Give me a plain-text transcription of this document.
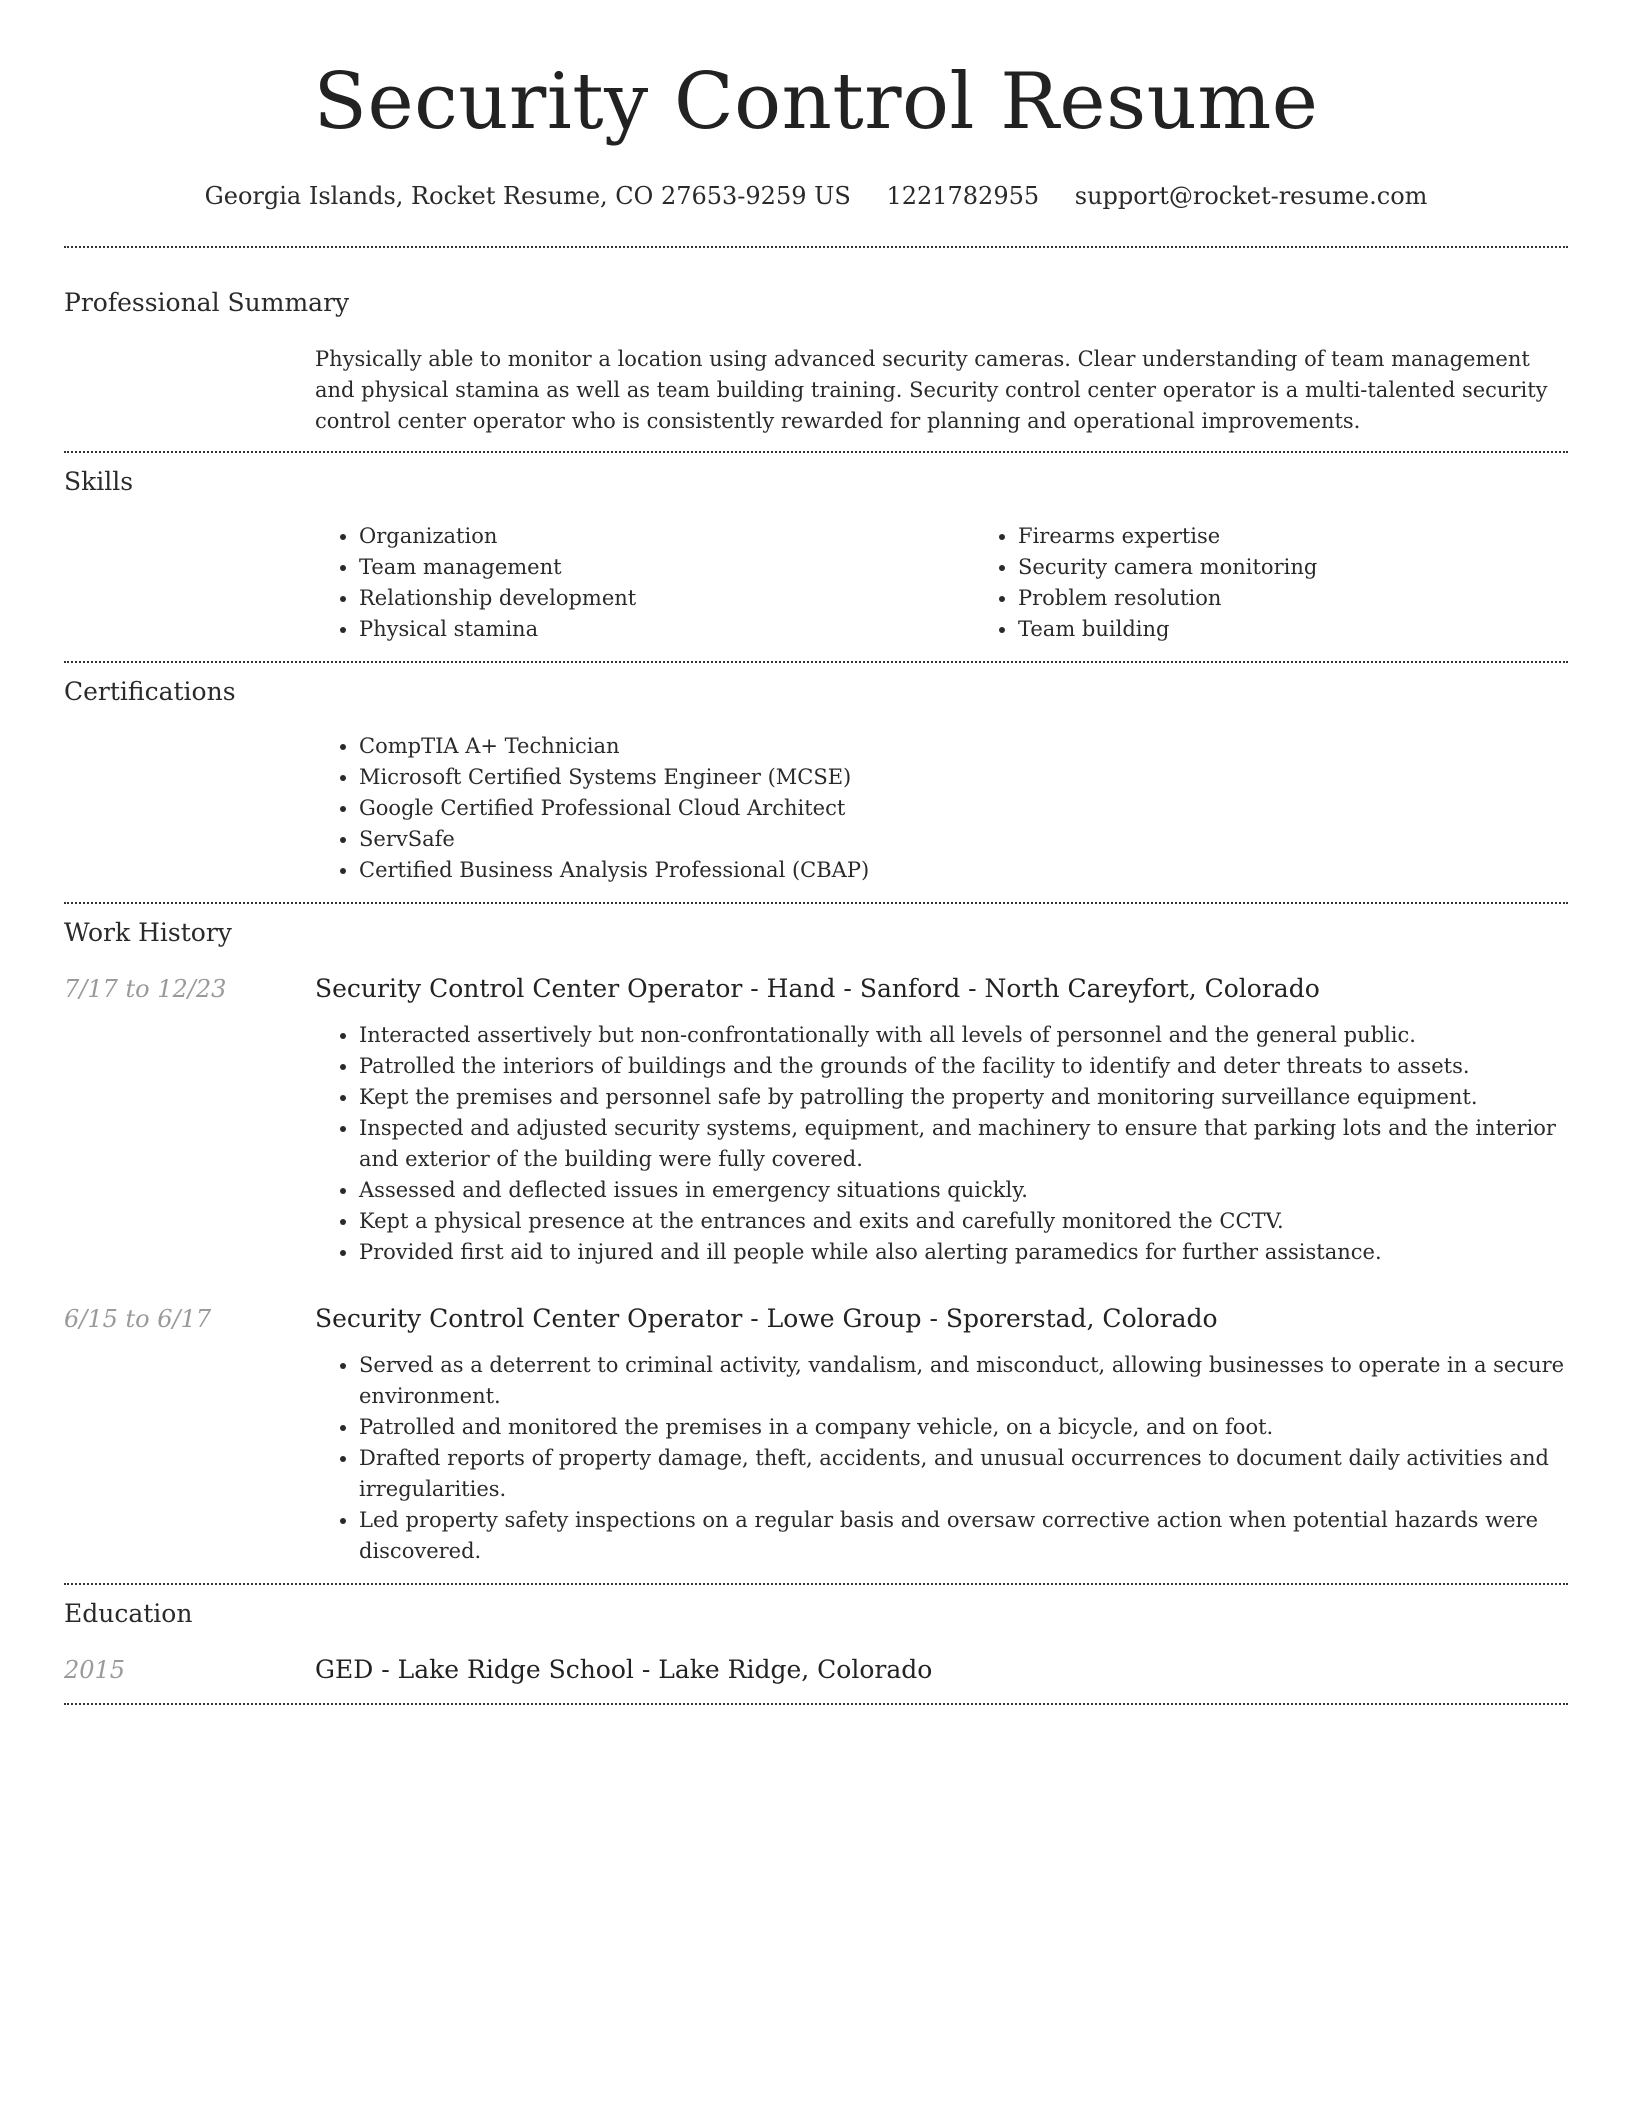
Security Control Resume
Georgia Islands, Rocket Resume, CO 27653-9259 US 1221782955 support@rocket-resume.com
Professional Summary

Physically able to monitor a location using advanced security cameras. Clear understanding of team management and physical stamina as well as team building training. Security control center operator is a multi-talented security control center operator who is consistently rewarded for planning and operational improvements.

Skills
• Organization
• Team management
• Relationship development
• Physical stamina
• Firearms expertise
• Security camera monitoring
• Problem resolution
• Team building
Certifications
• CompTIA A+ Technician
• Microsoft Certified Systems Engineer (MCSE)
• Google Certified Professional Cloud Architect
• ServSafe
• Certified Business Analysis Professional (CBAP)
Work History
7/17 to 12/23	Security Control Center Operator - Hand - Sanford - North Careyfort, Colorado
• Interacted assertively but non-confrontationally with all levels of personnel and the general public.
• Patrolled the interiors of buildings and the grounds of the facility to identify and deter threats to assets.
• Kept the premises and personnel safe by patrolling the property and monitoring surveillance equipment.
• Inspected and adjusted security systems, equipment, and machinery to ensure that parking lots and the interior and exterior of the building were fully covered.
• Assessed and deflected issues in emergency situations quickly.
• Kept a physical presence at the entrances and exits and carefully monitored the CCTV.
• Provided first aid to injured and ill people while also alerting paramedics for further assistance.
6/15 to 6/17	Security Control Center Operator - Lowe Group - Sporerstad, Colorado
• Served as a deterrent to criminal activity, vandalism, and misconduct, allowing businesses to operate in a secure environment.
• Patrolled and monitored the premises in a company vehicle, on a bicycle, and on foot.
• Drafted reports of property damage, theft, accidents, and unusual occurrences to document daily activities and irregularities.
• Led property safety inspections on a regular basis and oversaw corrective action when potential hazards were discovered.
Education
2015	GED - Lake Ridge School - Lake Ridge, Colorado
